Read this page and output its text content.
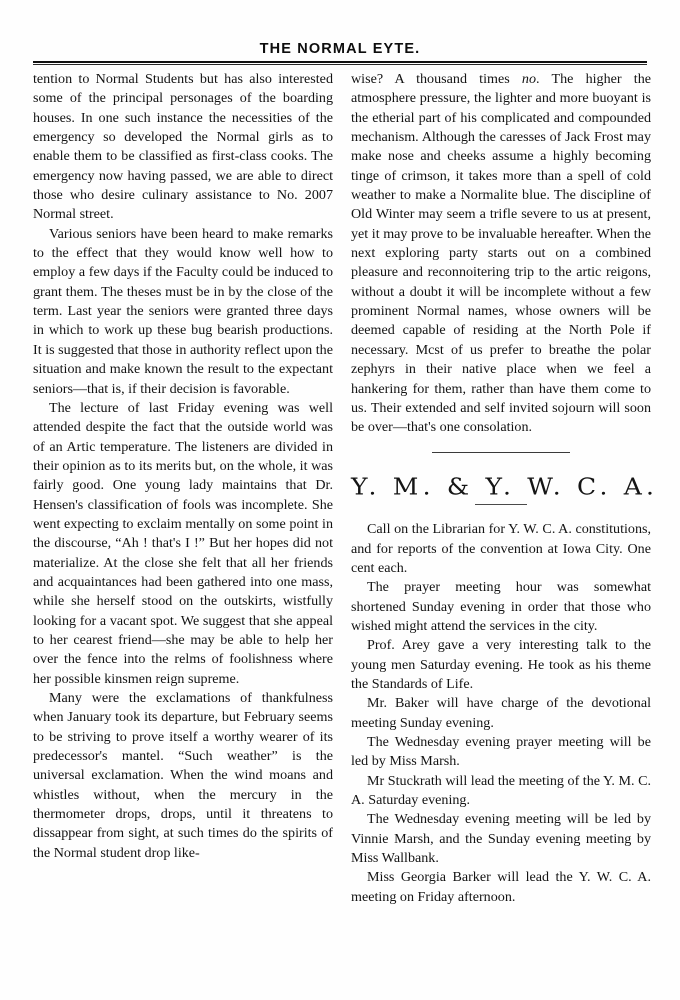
THE NORMAL EYTE.

tention to Normal Students but has also interested some of the principal personages of the boarding houses. In one such instance the necessities of the emergency so developed the Normal girls as to enable them to be classified as first-class cooks. The emergency now having passed, we are able to direct those who desire culinary assistance to No. 2007 Normal street.

Various seniors have been heard to make remarks to the effect that they would know well how to employ a few days if the Faculty could be induced to grant them. The theses must be in by the close of the term. Last year the seniors were granted three days in which to work up these bug bearish productions. It is suggested that those in authority reflect upon the situation and make known the result to the expectant seniors—that is, if their decision is favorable.

The lecture of last Friday evening was well attended despite the fact that the outside world was of an Artic temperature. The listeners are divided in their opinion as to its merits but, on the whole, it was fairly good. One young lady maintains that Dr. Hensen's classification of fools was incomplete. She went expecting to exclaim mentally on some point in the discourse, “Ah ! that's I !” But her hopes did not materialize. At the close she felt that all her friends and acquaintances had been gathered into one mass, while she herself stood on the outskirts, wistfully looking for a vacant spot. We suggest that she appeal to her cearest friend—she may be able to help her over the fence into the relms of foolishness where her possible kinsmen reign supreme.

Many were the exclamations of thankfulness when January took its departure, but February seems to be striving to prove itself a worthy wearer of its predecessor's mantel. “Such weather” is the universal exclamation. When the wind moans and whistles without, when the mercury in the thermometer drops, drops, until it threatens to dissappear from sight, at such times do the spirits of the Normal student drop like-

wise? A thousand times no. The higher the atmosphere pressure, the lighter and more buoyant is the etherial part of his complicated and compounded mechanism. Although the caresses of Jack Frost may make nose and cheeks assume a highly becoming tinge of crimson, it takes more than a spell of cold weather to make a Normalite blue. The discipline of Old Winter may seem a trifle severe to us at present, yet it may prove to be invaluable hereafter. When the next exploring party starts out on a combined pleasure and reconnoitering trip to the artic reigons, without a doubt it will be incomplete without a few prominent Normal names, whose owners will be deemed capable of residing at the North Pole if necessary. Mcst of us prefer to breathe the polar zephyrs in their native place when we feel a hankering for them, rather than have them come to us. Their extended and self invited sojourn will soon be over—that's one consolation.

Y. M. & Y. W. C. A.

Call on the Librarian for Y. W. C. A. constitutions, and for reports of the convention at Iowa City. One cent each.

The prayer meeting hour was somewhat shortened Sunday evening in order that those who wished might attend the services in the city.

Prof. Arey gave a very interesting talk to the young men Saturday evening. He took as his theme the Standards of Life.

Mr. Baker will have charge of the devotional meeting Sunday evening.

The Wednesday evening prayer meeting will be led by Miss Marsh.

Mr Stuckrath will lead the meeting of the Y. M. C. A. Saturday evening.

The Wednesday evening meeting will be led by Vinnie Marsh, and the Sunday evening meeting by Miss Wallbank.

Miss Georgia Barker will lead the Y. W. C. A. meeting on Friday afternoon.
